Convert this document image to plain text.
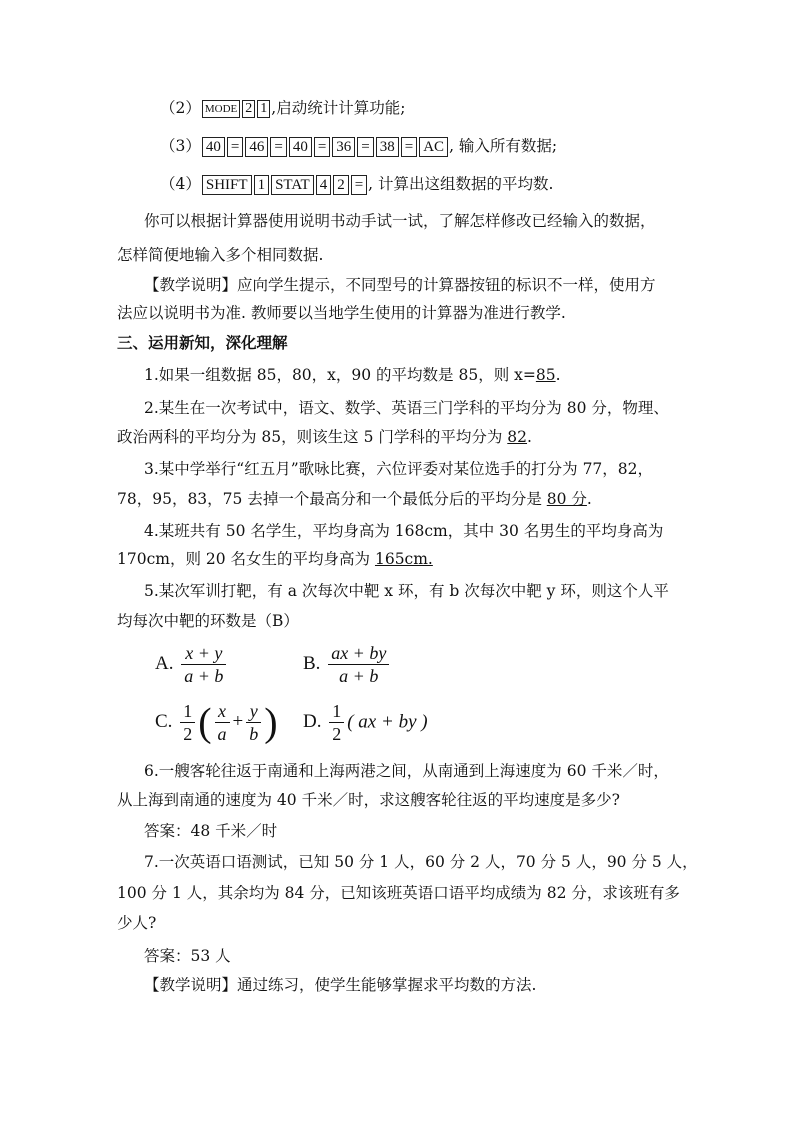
（2） MODE 2 1 ,启动统计计算功能;
（3） 40 = 46 = 40 = 36 = 38 = AC , 输入所有数据;
（4） SHIFT 1 STAT 4 2 = , 计算出这组数据的平均数.
你可以根据计算器使用说明书动手试一试，了解怎样修改已经输入的数据，
怎样简便地输入多个相同数据.
【教学说明】应向学生提示，不同型号的计算器按钮的标识不一样，使用方
法应以说明书为准. 教师要以当地学生使用的计算器为准进行教学.
三、运用新知，深化理解
1.如果一组数据 85，80，x，90 的平均数是 85，则 x=85.
2.某生在一次考试中，语文、数学、英语三门学科的平均分为 80 分，物理、
政治两科的平均分为 85，则该生这 5 门学科的平均分为 82.
3.某中学举行“红五月”歌咏比赛，六位评委对某位选手的打分为 77，82，
78，95，83，75 去掉一个最高分和一个最低分后的平均分是 80 分.
4.某班共有 50 名学生，平均身高为 168cm，其中 30 名男生的平均身高为
170cm，则 20 名女生的平均身高为 165cm.
5.某次军训打靶，有 a 次每次中靶 x 环，有 b 次每次中靶 y 环，则这个人平
均每次中靶的环数是（B）
A. $\frac{x + y}{a + b}$	B. $\frac{ax + by}{a + b}$
C. $\frac{1}{2}$ ( $\frac{x}{a} + \frac{y}{b}$ ) D. $\frac{1}{2}$ ( ax + by )
6.一艘客轮往返于南通和上海两港之间，从南通到上海速度为 60 千米／时，
从上海到南通的速度为 40 千米／时，求这艘客轮往返的平均速度是多少?
答案：48 千米／时
7.一次英语口语测试，已知 50 分 1 人，60 分 2 人，70 分 5 人，90 分 5 人，
100 分 1 人，其余均为 84 分，已知该班英语口语平均成绩为 82 分，求该班有多
少人?
答案：53 人
【教学说明】通过练习，使学生能够掌握求平均数的方法.
